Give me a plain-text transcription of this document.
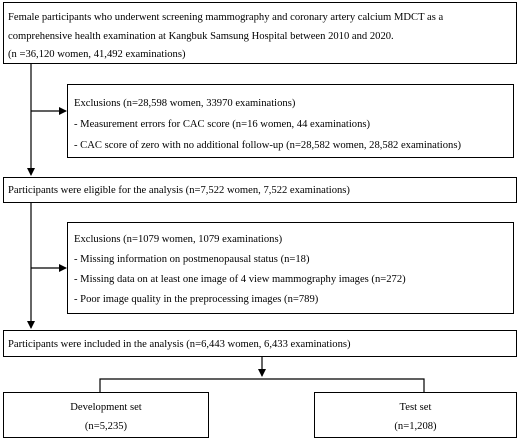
Female participants who underwent screening mammography and coronary artery calcium MDCT as a
comprehensive health examination at Kangbuk Samsung Hospital between 2010 and 2020.
(n =36,120 women, 41,492 examinations)
Exclusions (n=28,598 women, 33970 examinations)
- Measurement errors for CAC score (n=16 women, 44 examinations)
- CAC score of zero with no additional follow-up (n=28,582 women, 28,582 examinations)
Participants were eligible for the analysis (n=7,522 women, 7,522 examinations)
Exclusions (n=1079 women, 1079 examinations)
- Missing information on postmenopausal status (n=18)
- Missing data on at least one image of 4 view mammography images (n=272)
- Poor image quality in the preprocessing images (n=789)
Participants were included in the analysis (n=6,443 women, 6,433 examinations)
Development set
(n=5,235)
Test set
(n=1,208)
